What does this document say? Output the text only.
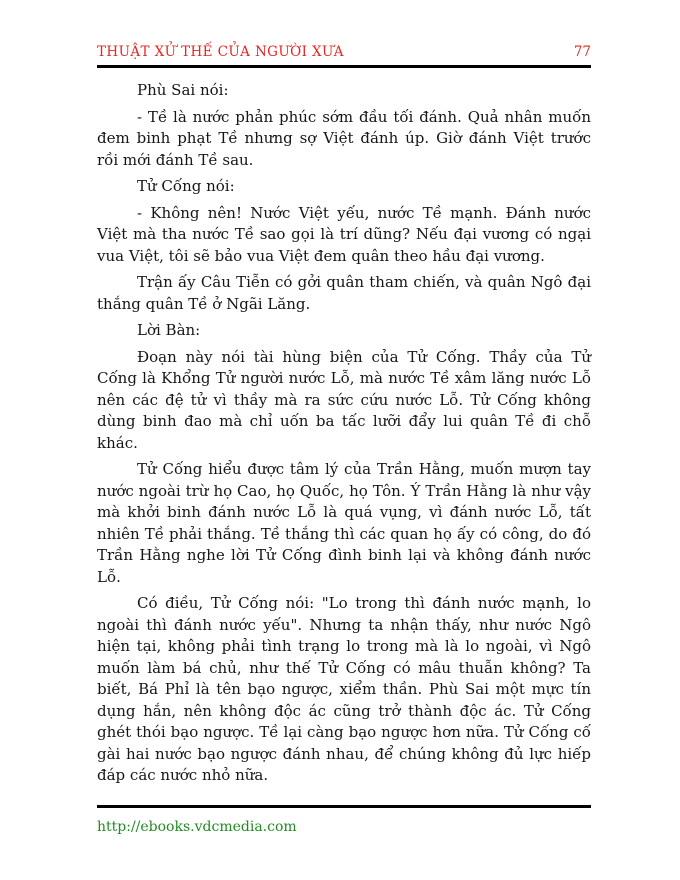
THUẬT XỬ THẾ CỦA NGƯỜI XƯA	77

Phù Sai nói:

- Tề là nước phản phúc sớm đầu tối đánh. Quả nhân muốn đem binh phạt Tề nhưng sợ Việt đánh úp. Giờ đánh Việt trước rồi mới đánh Tề sau.

Tử Cống nói:

- Không nên! Nước Việt yếu, nước Tề mạnh. Đánh nước Việt mà tha nước Tề sao gọi là trí dũng? Nếu đại vương có ngại vua Việt, tôi sẽ bảo vua Việt đem quân theo hầu đại vương.

Trận ấy Câu Tiễn có gởi quân tham chiến, và quân Ngô đại thắng quân Tề ở Ngãi Lăng.

Lời Bàn:

Đoạn này nói tài hùng biện của Tử Cống. Thầy của Tử Cống là Khổng Tử người nước Lỗ, mà nước Tề xâm lăng nước Lỗ nên các đệ tử vì thầy mà ra sức cứu nước Lỗ. Tử Cống không dùng binh đao mà chỉ uốn ba tấc lưỡi đẩy lui quân Tề đi chỗ khác.

Tử Cống hiểu được tâm lý của Trần Hằng, muốn mượn tay nước ngoài trừ họ Cao, họ Quốc, họ Tôn. Ý Trần Hằng là như vậy mà khởi binh đánh nước Lỗ là quá vụng, vì đánh nước Lỗ, tất nhiên Tề phải thắng. Tề thắng thì các quan họ ấy có công, do đó Trần Hằng nghe lời Tử Cống đình binh lại và không đánh nước Lỗ.

Có điều, Tử Cống nói: "Lo trong thì đánh nước mạnh, lo ngoài thì đánh nước yếu". Nhưng ta nhận thấy, như nước Ngô hiện tại, không phải tình trạng lo trong mà là lo ngoài, vì Ngô muốn làm bá chủ, như thế Tử Cống có mâu thuẫn không? Ta biết, Bá Phỉ là tên bạo ngược, xiểm thần. Phù Sai một mực tín dụng hắn, nên không độc ác cũng trở thành độc ác. Tử Cống ghét thói bạo ngược. Tề lại càng bạo ngược hơn nữa. Tử Cống cố gài hai nước bạo ngược đánh nhau, để chúng không đủ lực hiếp đáp các nước nhỏ nữa.

http://ebooks.vdcmedia.com
